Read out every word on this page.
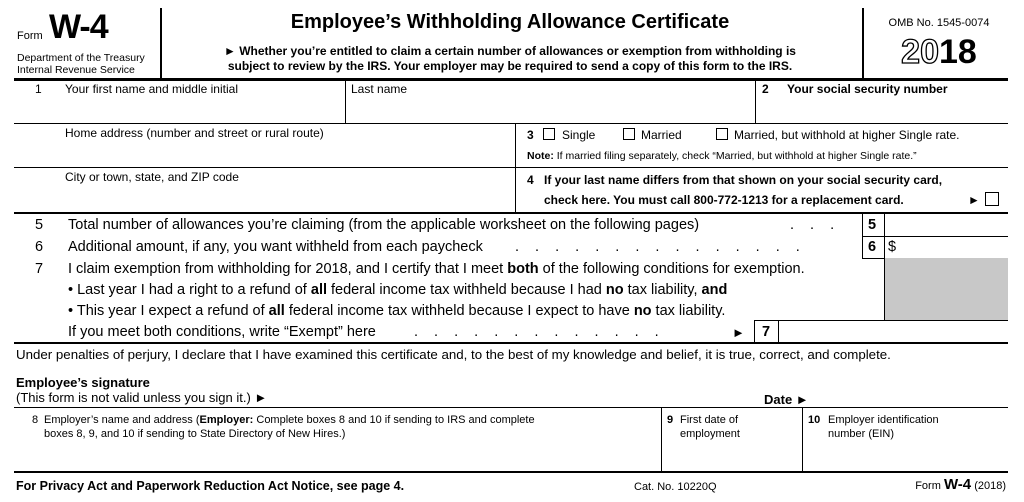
Form W-4
Department of the Treasury
Internal Revenue Service
Employee’s Withholding Allowance Certificate
► Whether you’re entitled to claim a certain number of allowances or exemption from withholding is
subject to review by the IRS. Your employer may be required to send a copy of this form to the IRS.
OMB No. 1545-0074
2018
1 Your first name and middle initial	Last name	2 Your social security number
Home address (number and street or rural route)	3 Single	Married	Married, but withhold at higher Single rate.
Note: If married filing separately, check “Married, but withhold at higher Single rate.”
City or town, state, and ZIP code	4 If your last name differs from that shown on your social security card,
check here. You must call 800-772-1213 for a replacement card.	►
5 Total number of allowances you’re claiming (from the applicable worksheet on the following pages)	. . . 5
6 Additional amount, if any, you want withheld from each paycheck . . . . . . . . . . . . . . .	6 $
7 I claim exemption from withholding for 2018, and I certify that I meet both of the following conditions for exemption.
• Last year I had a right to a refund of all federal income tax withheld because I had no tax liability, and
• This year I expect a refund of all federal income tax withheld because I expect to have no tax liability.
If you meet both conditions, write “Exempt” here	. . . . . . . . . . . . .	► 7
Under penalties of perjury, I declare that I have examined this certificate and, to the best of my knowledge and belief, it is true, correct, and complete.
Employee’s signature
(This form is not valid unless you sign it.) ►	Date ►
8 Employer’s name and address (Employer: Complete boxes 8 and 10 if sending to IRS and complete
boxes 8, 9, and 10 if sending to State Directory of New Hires.)
9 First date of
employment
10 Employer identification
number (EIN)
For Privacy Act and Paperwork Reduction Act Notice, see page 4.	Cat. No. 10220Q	Form W-4 (2018)
